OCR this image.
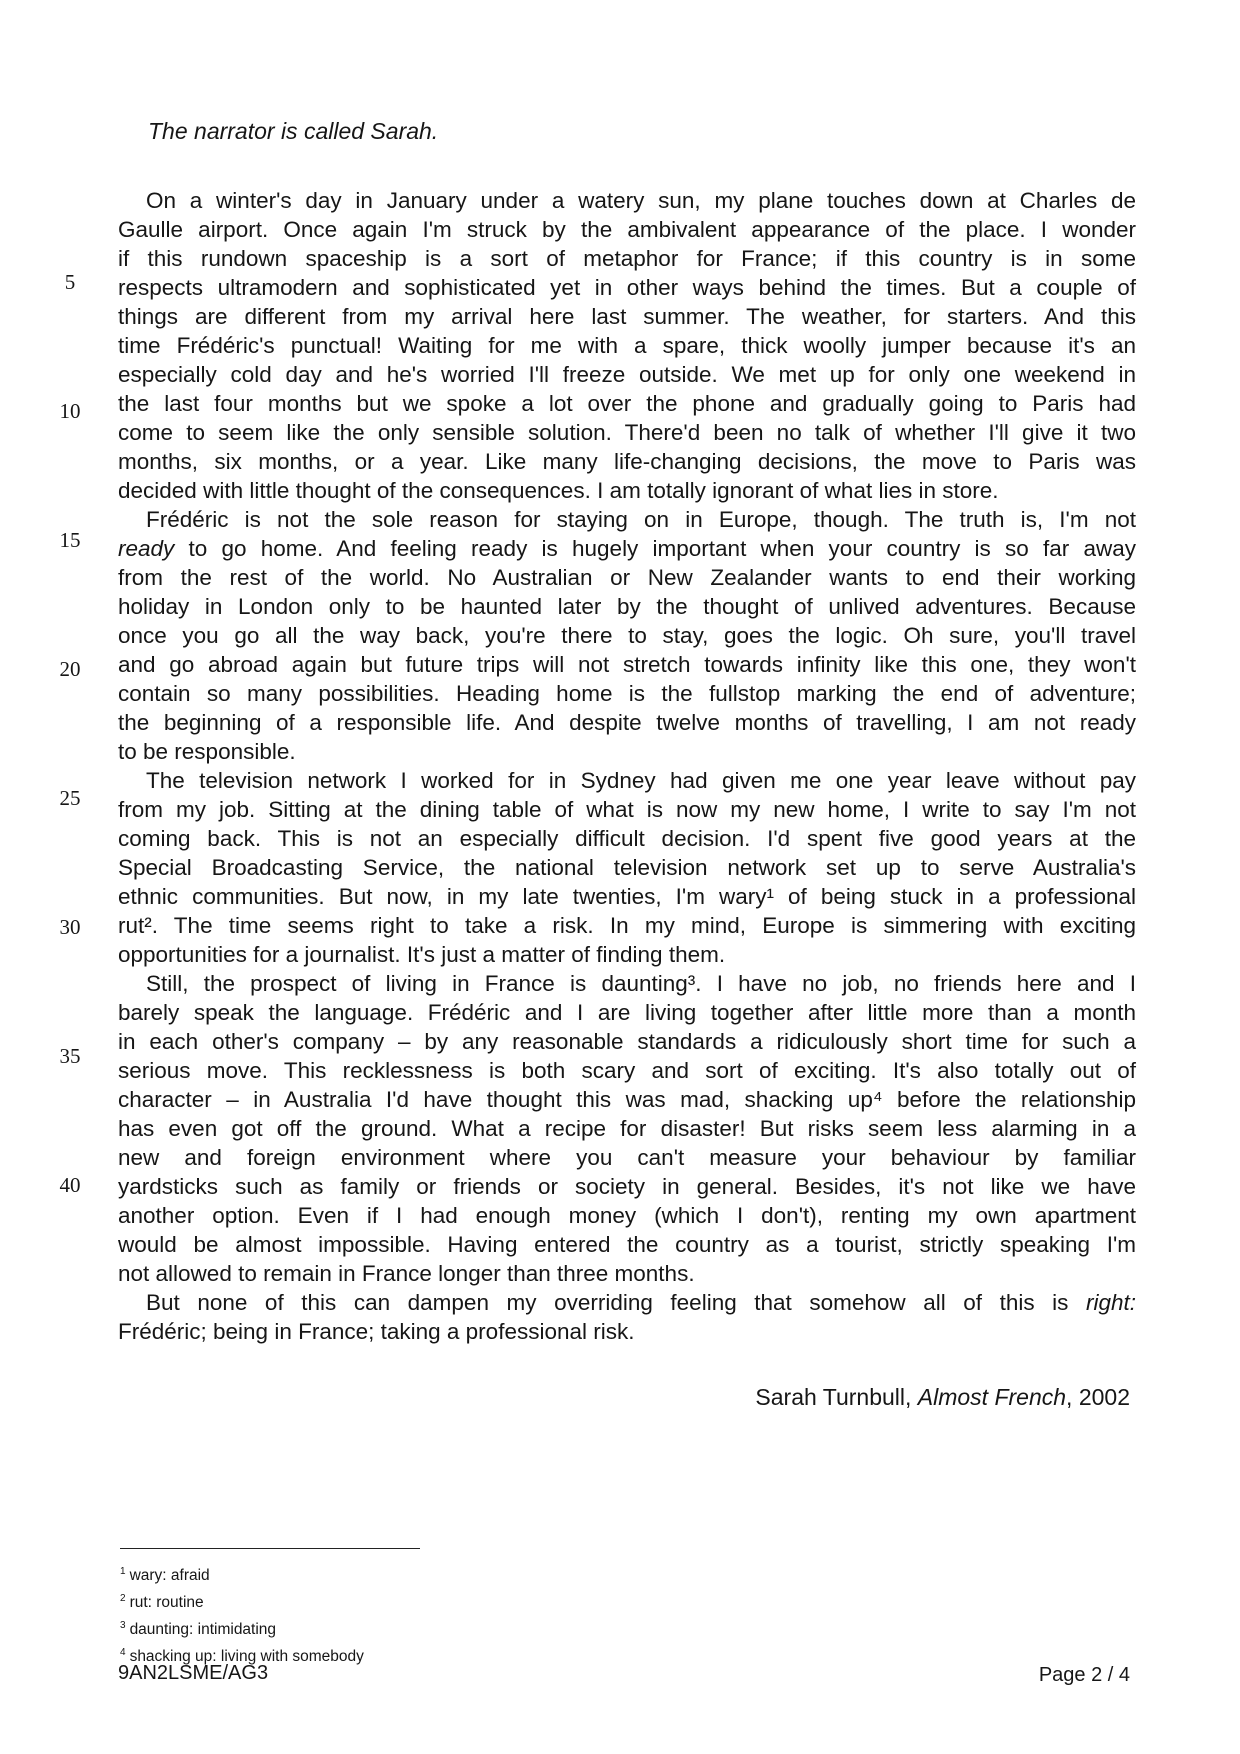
The narrator is called Sarah.
On a winter's day in January under a watery sun, my plane touches down at Charles de
Gaulle airport. Once again I'm struck by the ambivalent appearance of the place. I wonder
if this rundown spaceship is a sort of metaphor for France; if this country is in some
respects ultramodern and sophisticated yet in other ways behind the times. But a couple of
things are different from my arrival here last summer. The weather, for starters. And this
time Frédéric's punctual! Waiting for me with a spare, thick woolly jumper because it's an
especially cold day and he's worried I'll freeze outside. We met up for only one weekend in
the last four months but we spoke a lot over the phone and gradually going to Paris had
come to seem like the only sensible solution. There'd been no talk of whether I'll give it two
months, six months, or a year. Like many life-changing decisions, the move to Paris was
decided with little thought of the consequences. I am totally ignorant of what lies in store.
Frédéric is not the sole reason for staying on in Europe, though. The truth is, I'm not
ready to go home. And feeling ready is hugely important when your country is so far away
from the rest of the world. No Australian or New Zealander wants to end their working
holiday in London only to be haunted later by the thought of unlived adventures. Because
once you go all the way back, you're there to stay, goes the logic. Oh sure, you'll travel
and go abroad again but future trips will not stretch towards infinity like this one, they won't
contain so many possibilities. Heading home is the fullstop marking the end of adventure;
the beginning of a responsible life. And despite twelve months of travelling, I am not ready
to be responsible.
The television network I worked for in Sydney had given me one year leave without pay
from my job. Sitting at the dining table of what is now my new home, I write to say I'm not
coming back. This is not an especially difficult decision. I'd spent five good years at the
Special Broadcasting Service, the national television network set up to serve Australia's
ethnic communities. But now, in my late twenties, I'm wary¹ of being stuck in a professional
rut². The time seems right to take a risk. In my mind, Europe is simmering with exciting
opportunities for a journalist. It's just a matter of finding them.
Still, the prospect of living in France is daunting³. I have no job, no friends here and I
barely speak the language. Frédéric and I are living together after little more than a month
in each other's company – by any reasonable standards a ridiculously short time for such a
serious move. This recklessness is both scary and sort of exciting. It's also totally out of
character – in Australia I'd have thought this was mad, shacking up⁴ before the relationship
has even got off the ground. What a recipe for disaster! But risks seem less alarming in a
new and foreign environment where you can't measure your behaviour by familiar
yardsticks such as family or friends or society in general. Besides, it's not like we have
another option. Even if I had enough money (which I don't), renting my own apartment
would be almost impossible. Having entered the country as a tourist, strictly speaking I'm
not allowed to remain in France longer than three months.
But none of this can dampen my overriding feeling that somehow all of this is right:
Frédéric; being in France; taking a professional risk.
5
10
15
20
25
30
35
40
Sarah Turnbull, Almost French, 2002
$^1$ wary: afraid
$^2$ rut: routine
$^3$ daunting: intimidating
$^4$ shacking up: living with somebody
9AN2LSME/AG3	Page 2 / 4
